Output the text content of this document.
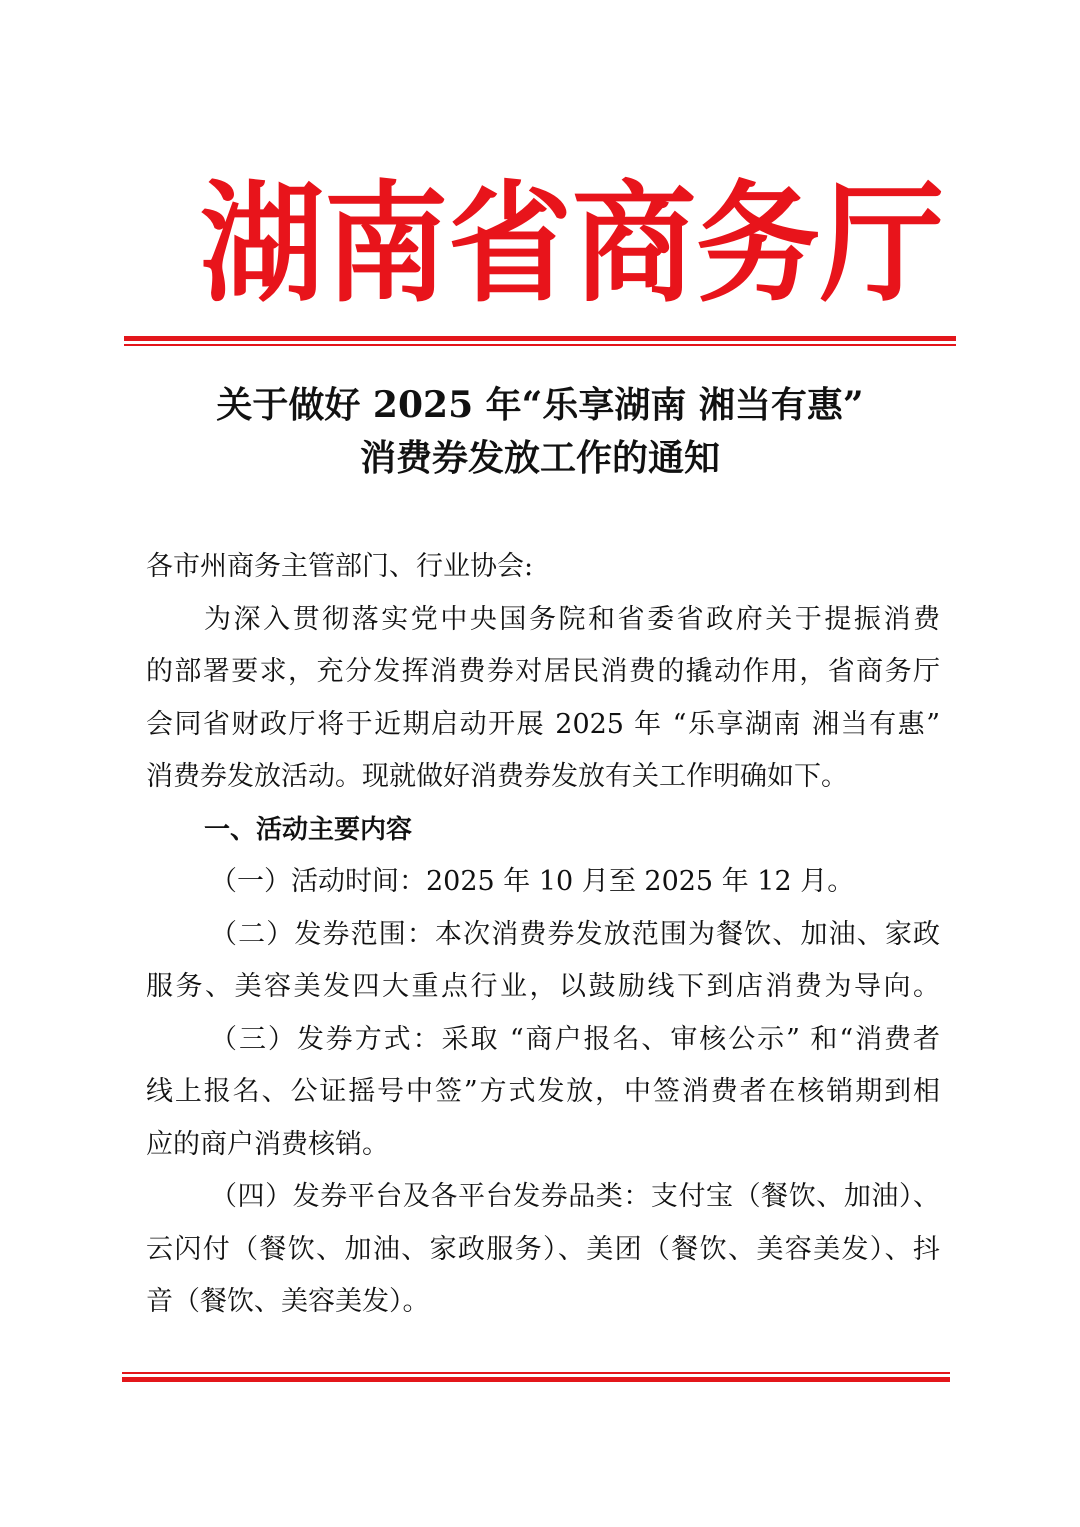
湖 南 省 商 务 厅
关于做好 2025 年“乐享湖南 湘当有惠”
消费券发放工作的通知
各市州商务主管部门、行业协会:
为深入贯彻落实党中央国务院和省委省政府关于提振消费
的部署要求，充分发挥消费券对居民消费的撬动作用，省商务厅
会同省财政厅将于近期启动开展 2025 年 “乐享湖南 湘当有惠”
消费券发放活动。现就做好消费券发放有关工作明确如下。
一、活动主要内容
（一）活动时间：2025 年 10 月至 2025 年 12 月。
（二）发券范围：本次消费券发放范围为餐饮、加油、家政
服务、美容美发四大重点行业，以鼓励线下到店消费为导向。
（三）发券方式：采取 “商户报名、审核公示” 和“消费者
线上报名、公证摇号中签”方式发放，中签消费者在核销期到相
应的商户消费核销。
（四）发券平台及各平台发券品类：支付宝（餐饮、加油）、
云闪付（餐饮、加油、家政服务）、美团（餐饮、美容美发）、抖
音（餐饮、美容美发）。
